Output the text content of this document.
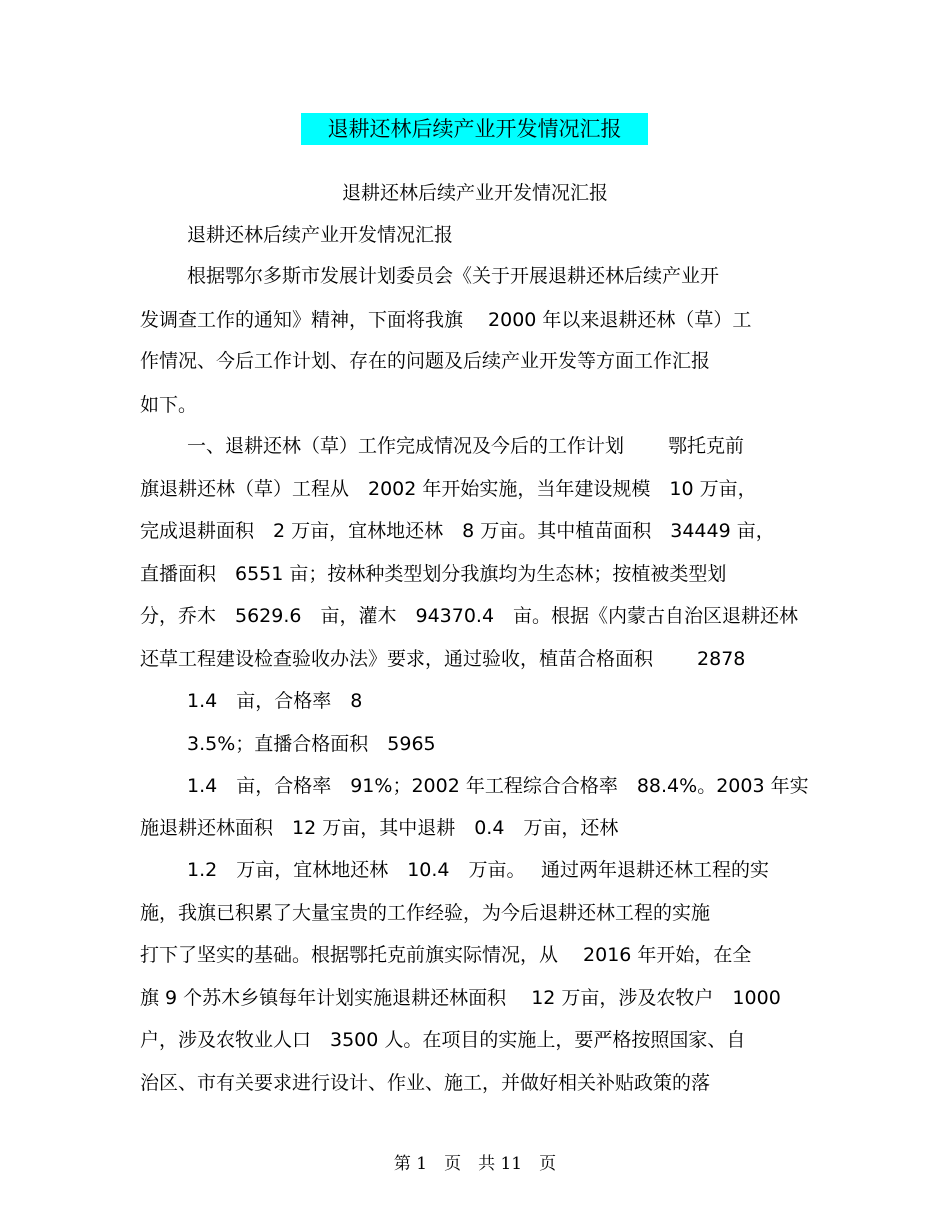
退耕还林后续产业开发情况汇报
退耕还林后续产业开发情况汇报
退耕还林后续产业开发情况汇报
根据鄂尔多斯市发展计划委员会《关于开展退耕还林后续产业开
发调查工作的通知》精神，下面将我旗　 2000 年以来退耕还林（草）工
作情况、今后工作计划、存在的问题及后续产业开发等方面工作汇报
如下。
一、退耕还林（草）工作完成情况及今后的工作计划　　 鄂托克前
旗退耕还林（草）工程从　2002 年开始实施，当年建设规模　10 万亩，
完成退耕面积　2 万亩，宜林地还林　8 万亩。其中植苗面积　34449 亩，
直播面积　6551 亩；按林种类型划分我旗均为生态林；按植被类型划
分，乔木　5629.6　亩，灌木　94370.4　亩。根据《内蒙古自治区退耕还林
还草工程建设检查验收办法》要求，通过验收，植苗合格面积　　 2878
1.4　亩，合格率　8
3.5%；直播合格面积　5965
1.4　亩，合格率　91%；2002 年工程综合合格率　88.4%。2003 年实
施退耕还林面积　12 万亩，其中退耕　0.4　万亩，还林
1.2　万亩，宜林地还林　10.4　万亩。　 通过两年退耕还林工程的实
施，我旗已积累了大量宝贵的工作经验，为今后退耕还林工程的实施
打下了坚实的基础。根据鄂托克前旗实际情况，从　 2016 年开始，在全
旗 9 个苏木乡镇每年计划实施退耕还林面积　 12 万亩，涉及农牧户　1000
户，涉及农牧业人口　3500 人。在项目的实施上，要严格按照国家、自
治区、市有关要求进行设计、作业、施工，并做好相关补贴政策的落
第 1　页　共 11　页
